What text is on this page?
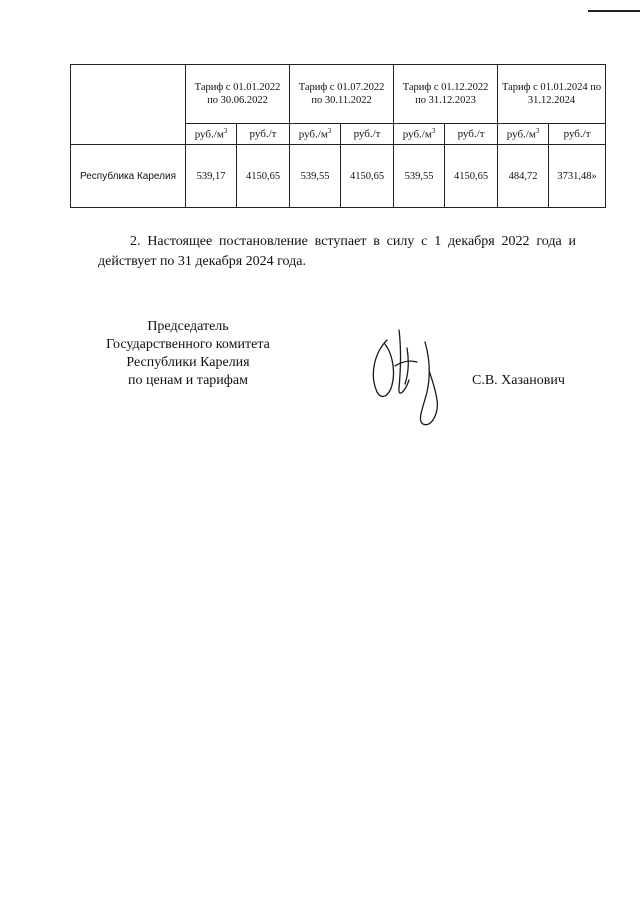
	Тариф с 01.01.2022 по 30.06.2022		Тариф с 01.07.2022 по 30.11.2022		Тариф с 01.12.2022 по 31.12.2023		Тариф с 01.01.2024 по 31.12.2024	
	$руб./м^3$	руб./т	$руб./м^3$	руб./т	$руб./м^3$	руб./т	$руб./м^3$	руб./т
Республика Карелия	539,17	4150,65	539,55	4150,65	539,55	4150,65	484,72	3731,48»
2. Настоящее постановление вступает в силу с 1 декабря 2022 года и действует по 31 декабря 2024 года.
Председатель
Государственного комитета
Республики Карелия
по ценам и тарифам	С.В. Хазанович
